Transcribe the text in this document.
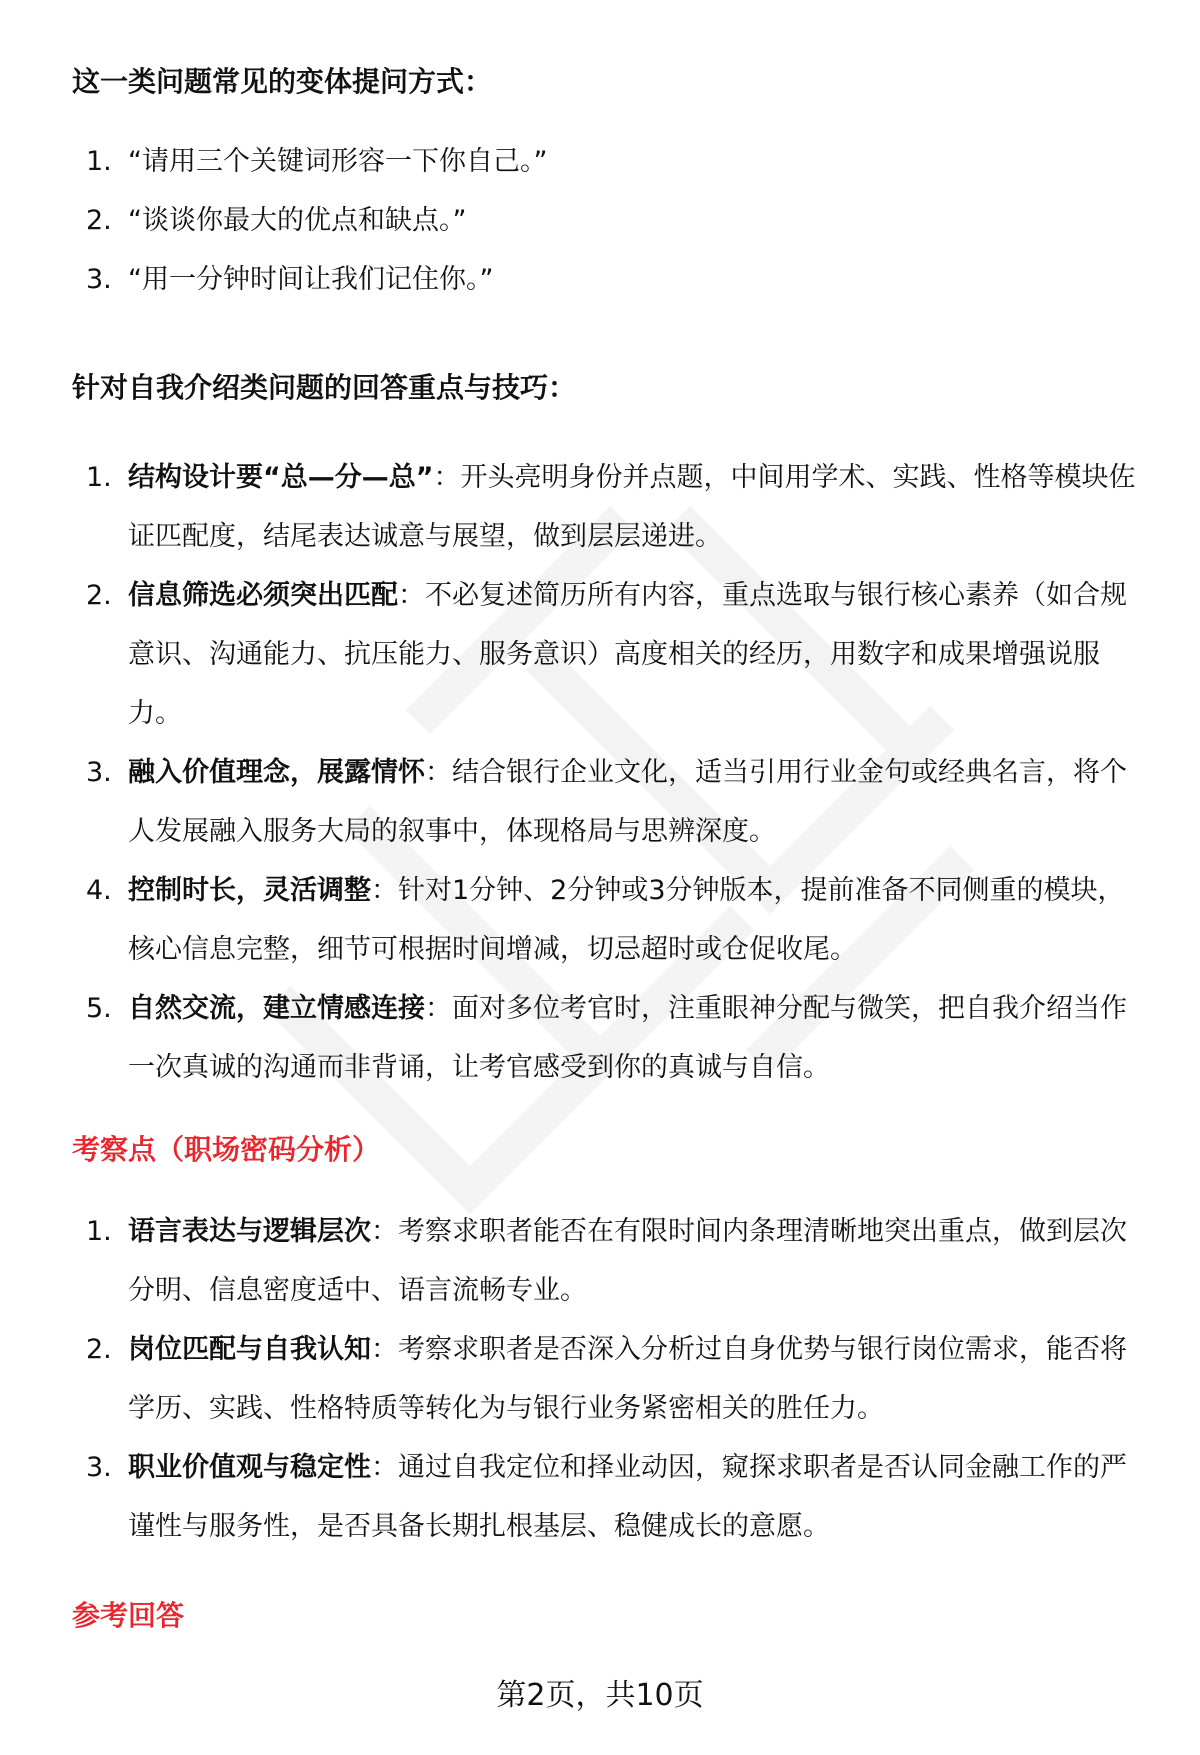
这一类问题常见的变体提问方式：
1. “请用三个关键词形容一下你自己。”
2. “谈谈你最大的优点和缺点。”
3. “用一分钟时间让我们记住你。”
针对自我介绍类问题的回答重点与技巧：
1. 结构设计要“总—分—总”：开头亮明身份并点题，中间用学术、实践、性格等模块佐证匹配度，结尾表达诚意与展望，做到层层递进。
2. 信息筛选必须突出匹配：不必复述简历所有内容，重点选取与银行核心素养（如合规意识、沟通能力、抗压能力、服务意识）高度相关的经历，用数字和成果增强说服力。
3. 融入价值理念，展露情怀：结合银行企业文化，适当引用行业金句或经典名言，将个人发展融入服务大局的叙事中，体现格局与思辨深度。
4. 控制时长，灵活调整：针对1分钟、2分钟或3分钟版本，提前准备不同侧重的模块，核心信息完整，细节可根据时间增减，切忌超时或仓促收尾。
5. 自然交流，建立情感连接：面对多位考官时，注重眼神分配与微笑，把自我介绍当作一次真诚的沟通而非背诵，让考官感受到你的真诚与自信。
考察点（职场密码分析）
1. 语言表达与逻辑层次：考察求职者能否在有限时间内条理清晰地突出重点，做到层次分明、信息密度适中、语言流畅专业。
2. 岗位匹配与自我认知：考察求职者是否深入分析过自身优势与银行岗位需求，能否将学历、实践、性格特质等转化为与银行业务紧密相关的胜任力。
3. 职业价值观与稳定性：通过自我定位和择业动因，窥探求职者是否认同金融工作的严谨性与服务性，是否具备长期扎根基层、稳健成长的意愿。
参考回答
第2页，共10页
